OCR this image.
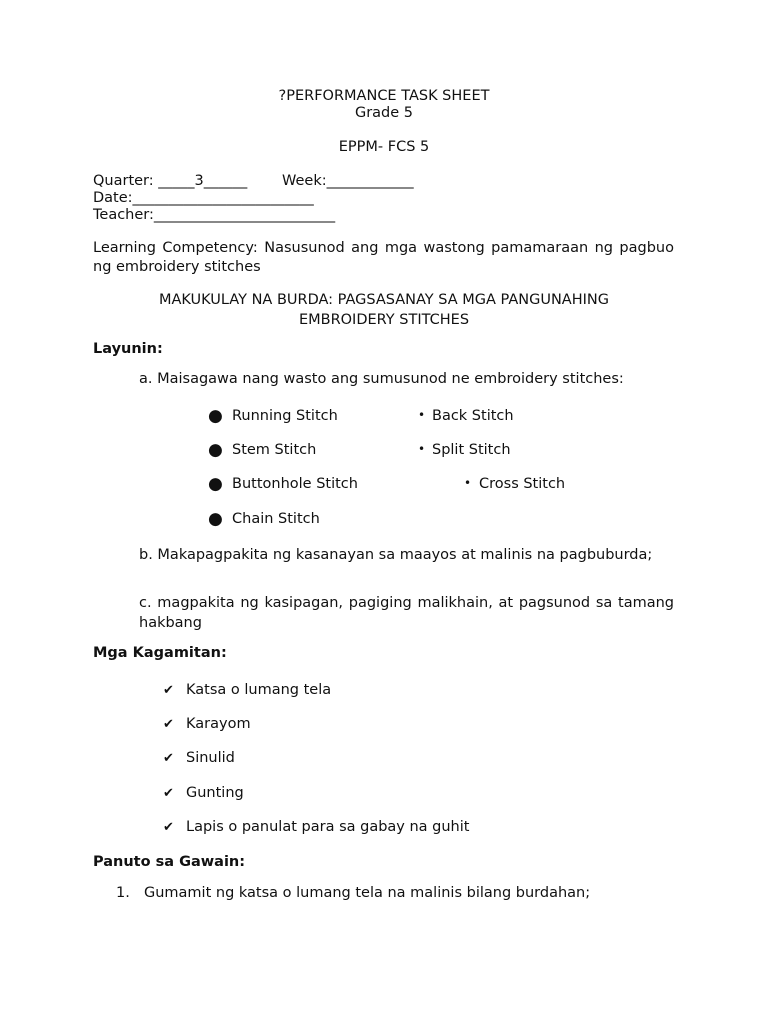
?PERFORMANCE TASK SHEET
Grade 5
EPPM- FCS 5
Quarter: _____3______ Week:____________
Date:_________________________
Teacher:_________________________
Learning Competency: Nasusunod ang mga wastong pamamaraan ng pagbuo ng embroidery stitches
MAKUKULAY NA BURDA: PAGSASANAY SA MGA PANGUNAHING
EMBROIDERY STITCHES
Layunin:
a. Maisagawa nang wasto ang sumusunod ne embroidery stitches:
● Running Stitch
● Stem Stitch
● Buttonhole Stitch
● Chain Stitch
• Back Stitch
• Split Stitch
• Cross Stitch
b. Makapagpakita ng kasanayan sa maayos at malinis na pagbuburda;
c. magpakita ng kasipagan, pagiging malikhain, at pagsunod sa tamang hakbang
Mga Kagamitan:
✔ Katsa o lumang tela
✔ Karayom
✔ Sinulid
✔ Gunting
✔ Lapis o panulat para sa gabay na guhit
Panuto sa Gawain:
1. Gumamit ng katsa o lumang tela na malinis bilang burdahan;
